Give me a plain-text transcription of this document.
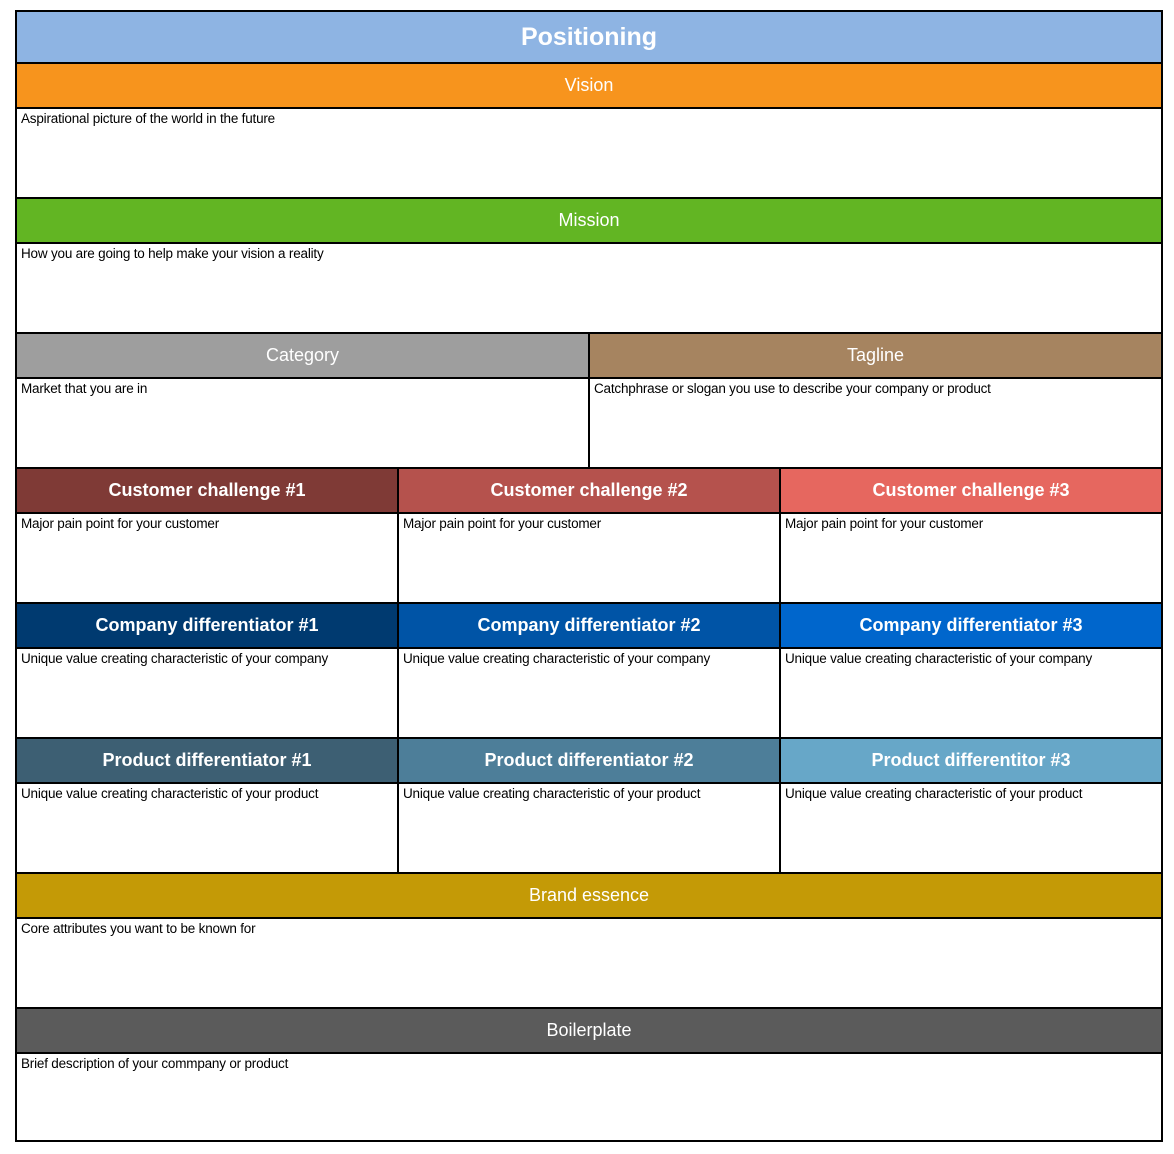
Positioning
Vision
Aspirational picture of the world in the future
Mission
How you are going to help make your vision a reality
Category
Market that you are in
Tagline
Catchphrase or slogan you use to describe your company or product
Customer challenge #1
Major pain point for your customer
Customer challenge #2
Major pain point for your customer
Customer challenge #3
Major pain point for your customer
Company differentiator #1
Unique value creating characteristic of your company
Company differentiator #2
Unique value creating characteristic of your company
Company differentiator #3
Unique value creating characteristic of your company
Product differentiator #1
Unique value creating characteristic of your product
Product differentiator #2
Unique value creating characteristic of your product
Product differentitor #3
Unique value creating characteristic of your product
Brand essence
Core attributes you want to be known for
Boilerplate
Brief description of your commpany or product
